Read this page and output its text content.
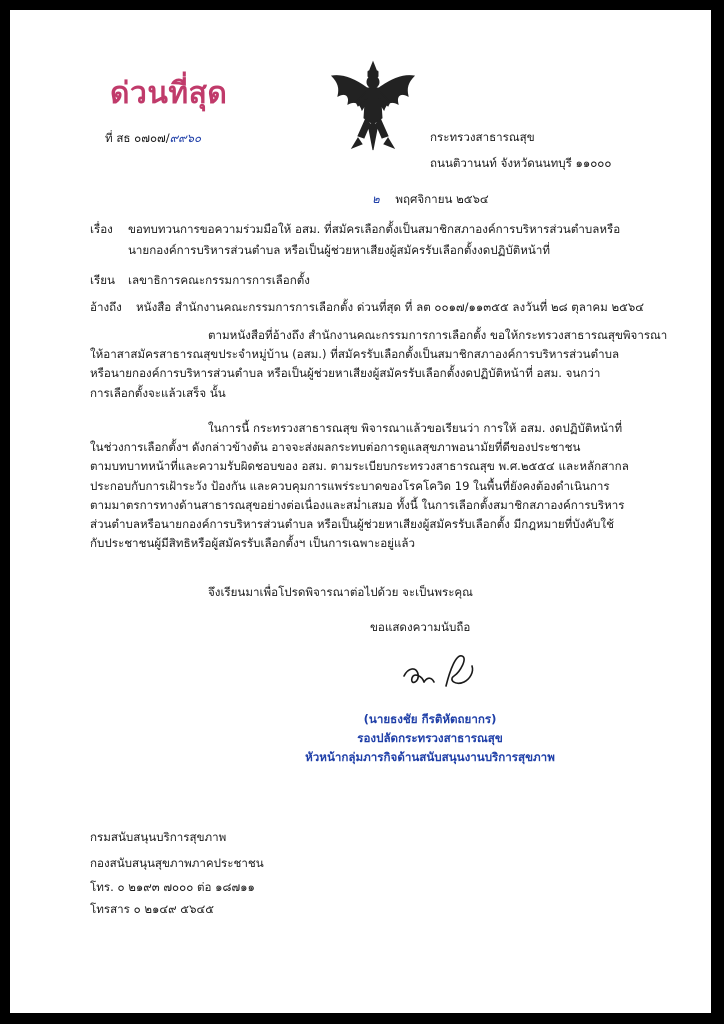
ด่วนที่สุด
ที่ สธ ๐๗๐๗/๙๙๖๐	กระทรวงสาธารณสุข
ถนนติวานนท์ จังหวัดนนทบุรี ๑๑๐๐๐
๒ พฤศจิกายน ๒๕๖๔
เรื่อง ขอทบทวนการขอความร่วมมือให้ อสม. ที่สมัครเลือกตั้งเป็นสมาชิกสภาองค์การบริหารส่วนตำบลหรือ
นายกองค์การบริหารส่วนตำบล หรือเป็นผู้ช่วยหาเสียงผู้สมัครรับเลือกตั้งงดปฏิบัติหน้าที่
เรียน เลขาธิการคณะกรรมการการเลือกตั้ง
อ้างถึง หนังสือ สำนักงานคณะกรรมการการเลือกตั้ง ด่วนที่สุด ที่ ลต ๐๐๑๗/๑๑๓๕๕ ลงวันที่ ๒๘ ตุลาคม ๒๕๖๔
ตามหนังสือที่อ้างถึง สำนักงานคณะกรรมการการเลือกตั้ง ขอให้กระทรวงสาธารณสุขพิจารณา
ให้อาสาสมัครสาธารณสุขประจำหมู่บ้าน (อสม.) ที่สมัครรับเลือกตั้งเป็นสมาชิกสภาองค์การบริหารส่วนตำบล
หรือนายกองค์การบริหารส่วนตำบล หรือเป็นผู้ช่วยหาเสียงผู้สมัครรับเลือกตั้งงดปฏิบัติหน้าที่ อสม. จนกว่า
การเลือกตั้งจะแล้วเสร็จ นั้น
ในการนี้ กระทรวงสาธารณสุข พิจารณาแล้วขอเรียนว่า การให้ อสม. งดปฏิบัติหน้าที่
ในช่วงการเลือกตั้งฯ ดังกล่าวข้างต้น อาจจะส่งผลกระทบต่อการดูแลสุขภาพอนามัยที่ดีของประชาชน
ตามบทบาทหน้าที่และความรับผิดชอบของ อสม. ตามระเบียบกระทรวงสาธารณสุข พ.ศ.๒๕๕๔ และหลักสากล
ประกอบกับการเฝ้าระวัง ป้องกัน และควบคุมการแพร่ระบาดของโรคโควิด 19 ในพื้นที่ยังคงต้องดำเนินการ
ตามมาตรการทางด้านสาธารณสุขอย่างต่อเนื่องและสม่ำเสมอ ทั้งนี้ ในการเลือกตั้งสมาชิกสภาองค์การบริหาร
ส่วนตำบลหรือนายกองค์การบริหารส่วนตำบล หรือเป็นผู้ช่วยหาเสียงผู้สมัครรับเลือกตั้ง มีกฎหมายที่บังคับใช้
กับประชาชนผู้มีสิทธิหรือผู้สมัครรับเลือกตั้งฯ เป็นการเฉพาะอยู่แล้ว
จึงเรียนมาเพื่อโปรดพิจารณาต่อไปด้วย จะเป็นพระคุณ
ขอแสดงความนับถือ
(นายธงชัย กีรติหัตถยากร)
รองปลัดกระทรวงสาธารณสุข
หัวหน้ากลุ่มภารกิจด้านสนับสนุนงานบริการสุขภาพ
กรมสนับสนุนบริการสุขภาพ
กองสนับสนุนสุขภาพภาคประชาชน
โทร. ๐ ๒๑๙๓ ๗๐๐๐ ต่อ ๑๘๗๑๑
โทรสาร ๐ ๒๑๔๙ ๕๖๔๕
